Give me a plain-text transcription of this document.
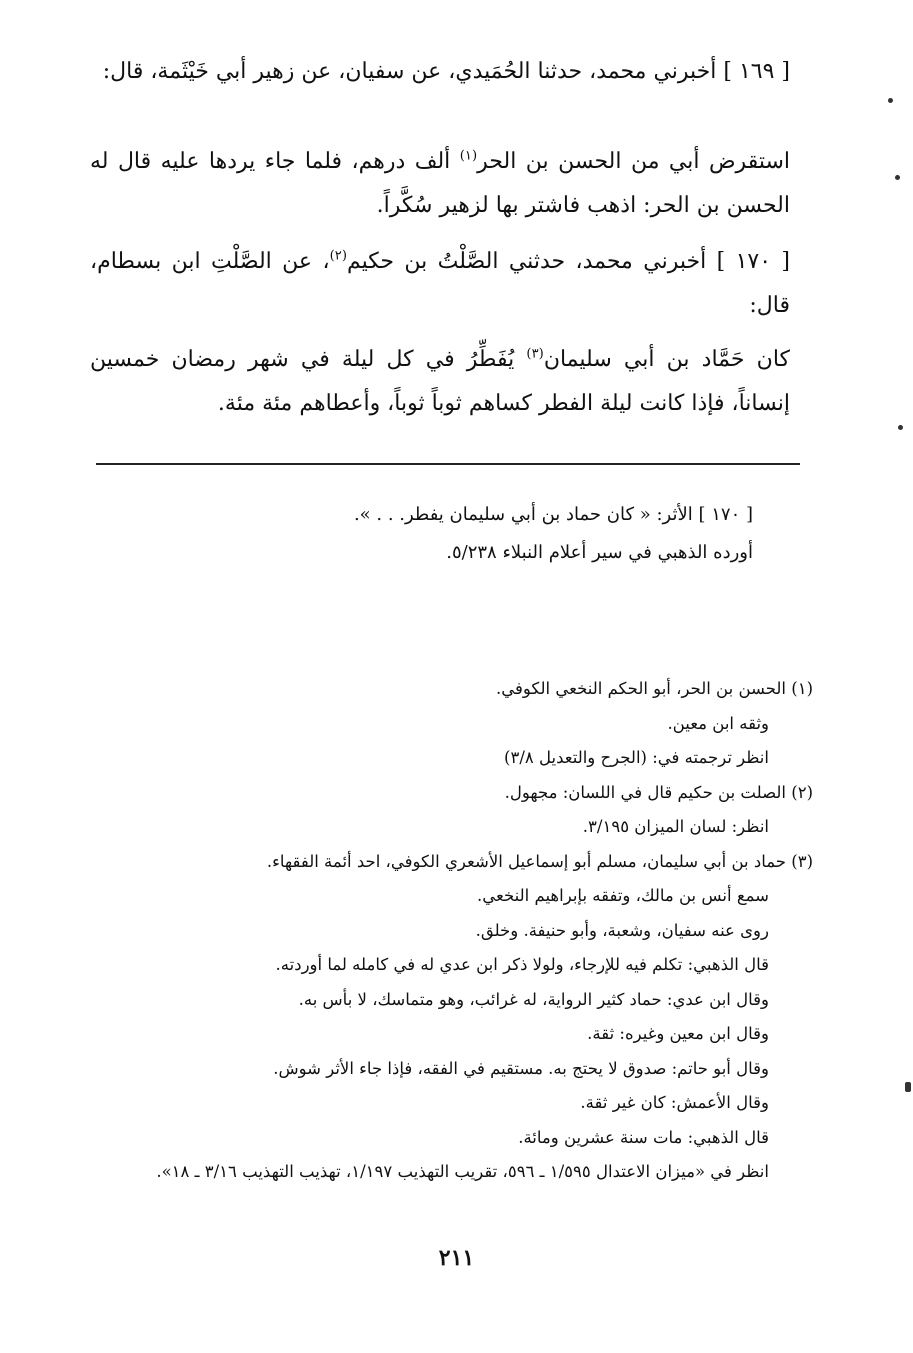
[ ١٦٩ ] أخبرني محمد، حدثنا الحُمَيدي، عن سفيان، عن زهير أبي خَيْثَمة، قال:
استقرض أبي من الحسن بن الحر$^{(١)}$ ألف درهم، فلما جاء يردها عليه قال له الحسن بن الحر: اذهب فاشتر بها لزهير سُكَّراً.
[ ١٧٠ ] أخبرني محمد، حدثني الصَّلْتُ بن حكيم$^{(٢)}$، عن الصَّلْتِ ابن بسطام، قال:
كان حَمَّاد بن أبي سليمان$^{(٣)}$ يُفَطِّرُ في كل ليلة في شهر رمضان خمسين إنساناً، فإذا كانت ليلة الفطر كساهم ثوباً ثوباً، وأعطاهم مئة مئة.
[ ١٧٠ ] الأثر: « كان حماد بن أبي سليمان يفطر. . . ».
أورده الذهبي في سير أعلام النبلاء ٥/٢٣٨.
(١) الحسن بن الحر، أبو الحكم النخعي الكوفي.
وثقه ابن معين.
انظر ترجمته في: (الجرح والتعديل ٣/٨)
(٢) الصلت بن حكيم قال في اللسان: مجهول.
انظر: لسان الميزان ٣/١٩٥.
(٣) حماد بن أبي سليمان، مسلم أبو إسماعيل الأشعري الكوفي، احد أئمة الفقهاء.
سمع أنس بن مالك، وتفقه بإبراهيم النخعي.
روى عنه سفيان، وشعبة، وأبو حنيفة. وخلق.
قال الذهبي: تكلم فيه للإرجاء، ولولا ذكر ابن عدي له في كامله لما أوردته.
وقال ابن عدي: حماد كثير الرواية، له غرائب، وهو متماسك، لا بأس به.
وقال ابن معين وغيره: ثقة.
وقال أبو حاتم: صدوق لا يحتج به. مستقيم في الفقه، فإذا جاء الأثر شوش.
وقال الأعمش: كان غير ثقة.
قال الذهبي: مات سنة عشرين ومائة.
انظر في «ميزان الاعتدال ١/٥٩٥ ـ ٥٩٦، تقريب التهذيب ١/١٩٧، تهذيب التهذيب ٣/١٦ ـ ١٨».
٢١١
